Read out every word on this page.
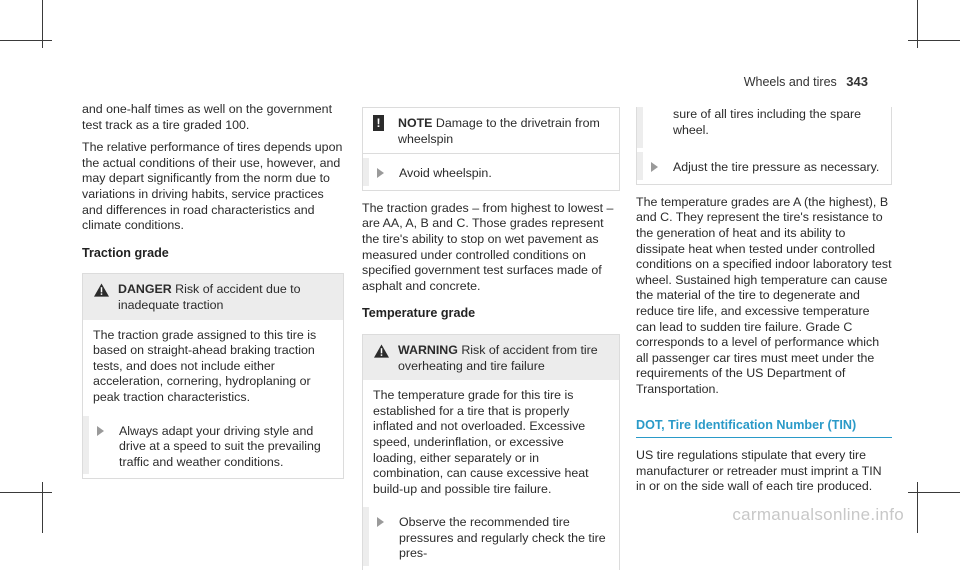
Wheels and tires 343

and one-half times as well on the government test track as a tire graded 100.

The relative performance of tires depends upon the actual conditions of their use, however, and may depart significantly from the norm due to variations in driving habits, service practices and differences in road characteristics and climate conditions.

Traction grade
DANGER Risk of accident due to inadequate traction
The traction grade assigned to this tire is based on straight-ahead braking traction tests, and does not include either acceleration, cornering, hydroplaning or peak traction characteristics.
Always adapt your driving style and drive at a speed to suit the prevailing traffic and weather conditions.
! NOTE Damage to the drivetrain from wheelspin
Avoid wheelspin.

The traction grades – from highest to lowest – are AA, A, B and C. Those grades represent the tire's ability to stop on wet pavement as measured under controlled conditions on specified government test surfaces made of asphalt and concrete.

Temperature grade
WARNING Risk of accident from tire overheating and tire failure
The temperature grade for this tire is established for a tire that is properly inflated and not overloaded. Excessive speed, underinflation, or excessive loading, either separately or in combination, can cause excessive heat build-up and possible tire failure.
Observe the recommended tire pressures and regularly check the tire pres-
sure of all tires including the spare wheel.
Adjust the tire pressure as necessary.

The temperature grades are A (the highest), B and C. They represent the tire's resistance to the generation of heat and its ability to dissipate heat when tested under controlled conditions on a specified indoor laboratory test wheel. Sustained high temperature can cause the material of the tire to degenerate and reduce tire life, and excessive temperature can lead to sudden tire failure. Grade C corresponds to a level of performance which all passenger car tires must meet under the requirements of the US Department of Transportation.

DOT, Tire Identification Number (TIN)

US tire regulations stipulate that every tire manufacturer or retreader must imprint a TIN in or on the side wall of each tire produced.

carmanualsonline.info
